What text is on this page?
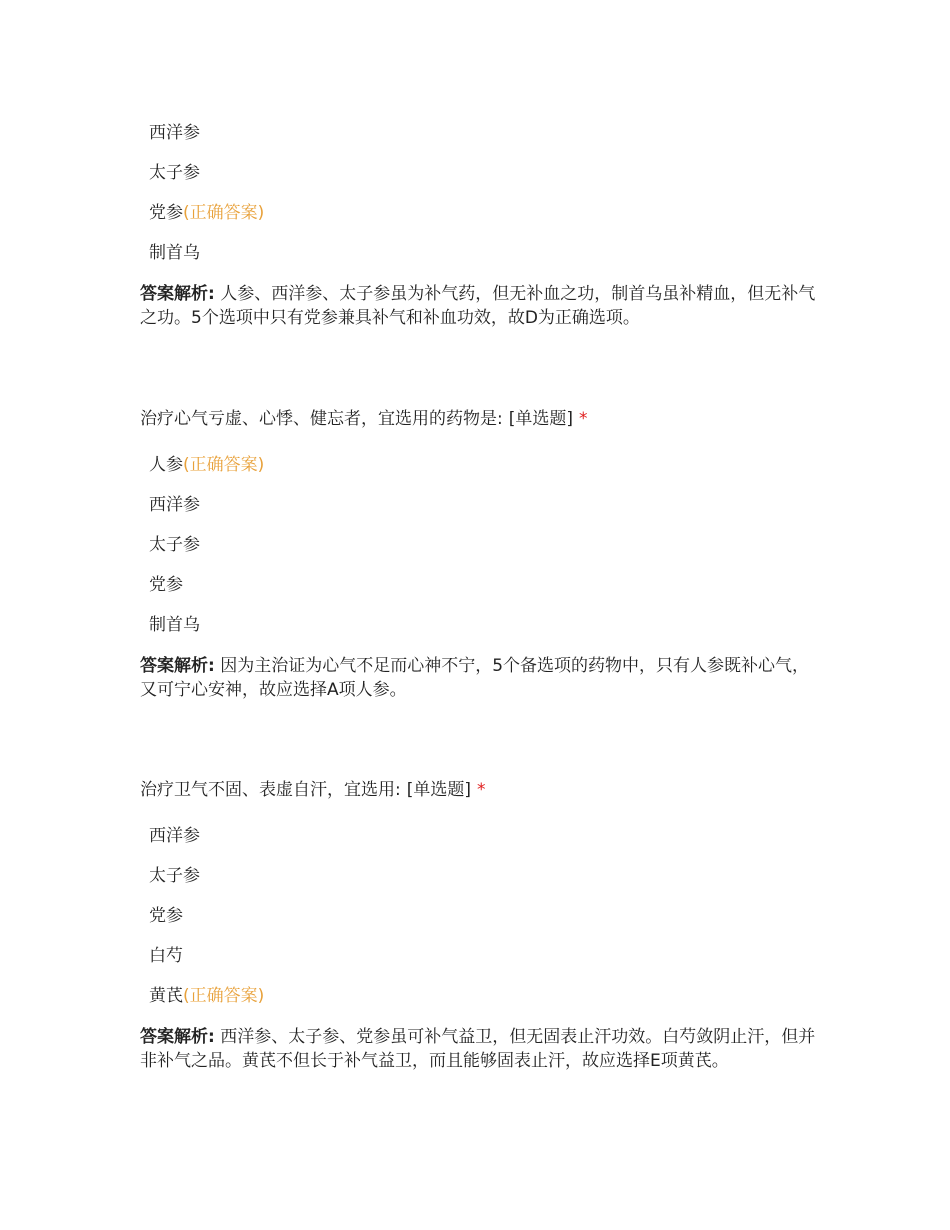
西洋参
太子参
党参(正确答案)
制首乌

答案解析: 人参、西洋参、太子参虽为补气药，但无补血之功，制首乌虽补精血，但无补气之功。5个选项中只有党参兼具补气和补血功效，故D为正确选项。

治疗心气亏虚、心悸、健忘者，宜选用的药物是: [单选题] *

人参(正确答案)
西洋参
太子参
党参
制首乌

答案解析: 因为主治证为心气不足而心神不宁，5个备选项的药物中，只有人参既补心气，又可宁心安神，故应选择A项人参。

治疗卫气不固、表虚自汗，宜选用: [单选题] *

西洋参
太子参
党参
白芍
黄芪(正确答案)

答案解析: 西洋参、太子参、党参虽可补气益卫，但无固表止汗功效。白芍敛阴止汗，但并非补气之品。黄芪不但长于补气益卫，而且能够固表止汗，故应选择E项黄芪。
